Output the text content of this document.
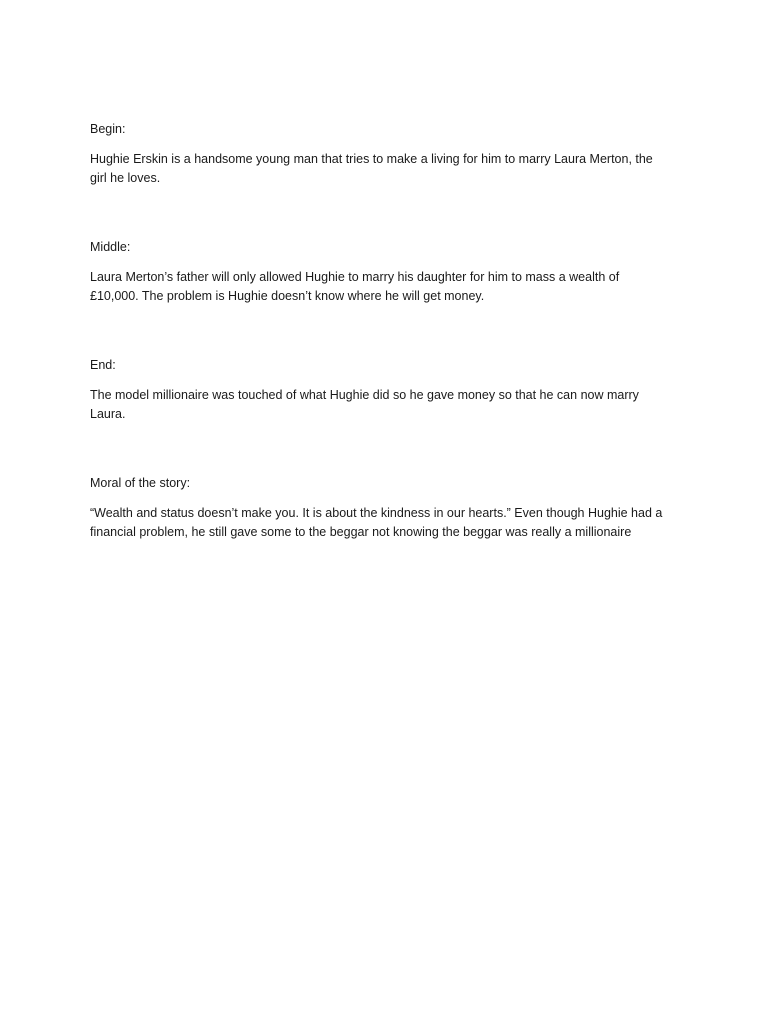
Begin:

Hughie Erskin is a handsome young man that tries to make a living for him to marry Laura Merton, the
girl he loves.

Middle:

Laura Merton’s father will only allowed Hughie to marry his daughter for him to mass a wealth of
£10,000. The problem is Hughie doesn’t know where he will get money.

End:

The model millionaire was touched of what Hughie did so he gave money so that he can now marry
Laura.

Moral of the story:

“Wealth and status doesn’t make you. It is about the kindness in our hearts.” Even though Hughie had a
financial problem, he still gave some to the beggar not knowing the beggar was really a millionaire
